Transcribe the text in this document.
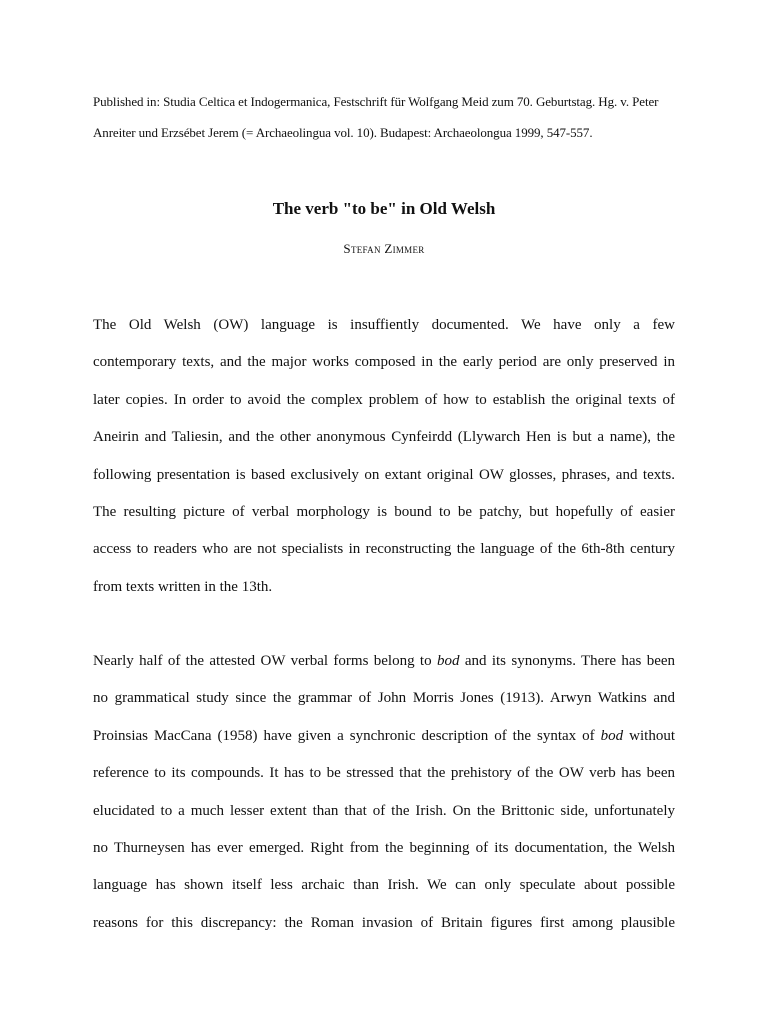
Published in: Studia Celtica et Indogermanica, Festschrift für Wolfgang Meid zum 70. Geburtstag. Hg. v. Peter
Anreiter und Erzsébet Jerem (= Archaeolingua vol. 10). Budapest: Archaeolongua 1999, 547-557.
The verb "to be" in Old Welsh
Stefan Zimmer
The Old Welsh (OW) language is insuffiently documented. We have only a few
contemporary texts, and the major works composed in the early period are only preserved in
later copies. In order to avoid the complex problem of how to establish the original texts of
Aneirin and Taliesin, and the other anonymous Cynfeirdd (Llywarch Hen is but a name), the
following presentation is based exclusively on extant original OW glosses, phrases, and texts.
The resulting picture of verbal morphology is bound to be patchy, but hopefully of easier
access to readers who are not specialists in reconstructing the language of the 6th-8th century
from texts written in the 13th.
Nearly half of the attested OW verbal forms belong to bod and its synonyms. There has been
no grammatical study since the grammar of John Morris Jones (1913). Arwyn Watkins and
Proinsias MacCana (1958) have given a synchronic description of the syntax of bod without
reference to its compounds. It has to be stressed that the prehistory of the OW verb has been
elucidated to a much lesser extent than that of the Irish. On the Brittonic side, unfortunately
no Thurneysen has ever emerged. Right from the beginning of its documentation, the Welsh
language has shown itself less archaic than Irish. We can only speculate about possible
reasons for this discrepancy: the Roman invasion of Britain figures first among plausible
